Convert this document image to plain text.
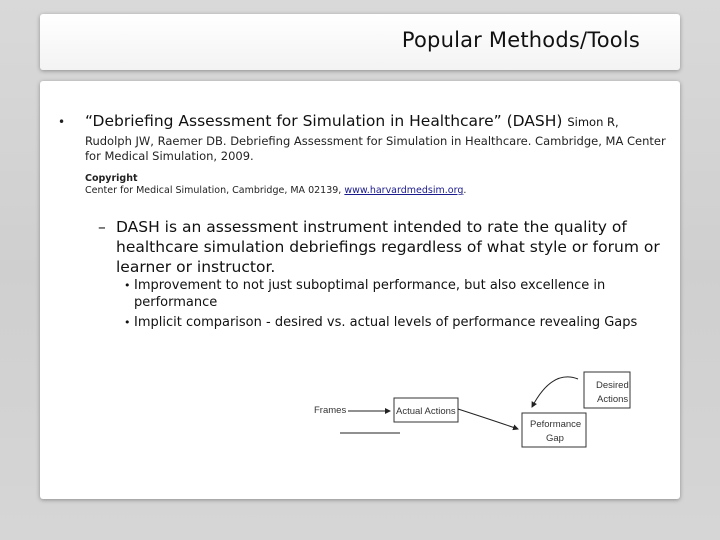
Popular Methods/Tools
• “Debriefing Assessment for Simulation in Healthcare” (DASH) Simon R,
Rudolph JW, Raemer DB. Debriefing Assessment for Simulation in Healthcare. Cambridge, MA Center for Medical Simulation, 2009.
Copyright
Center for Medical Simulation, Cambridge, MA 02139, www.harvardmedsim.org.
– DASH is an assessment instrument intended to rate the quality of healthcare simulation debriefings regardless of what style or forum or learner or instructor.
• Improvement to not just suboptimal performance, but also excellence in performance
• Implicit comparison - desired vs. actual levels of performance revealing Gaps
Frames	Actual Actions
Desired
Actions
Peformance
Gap
